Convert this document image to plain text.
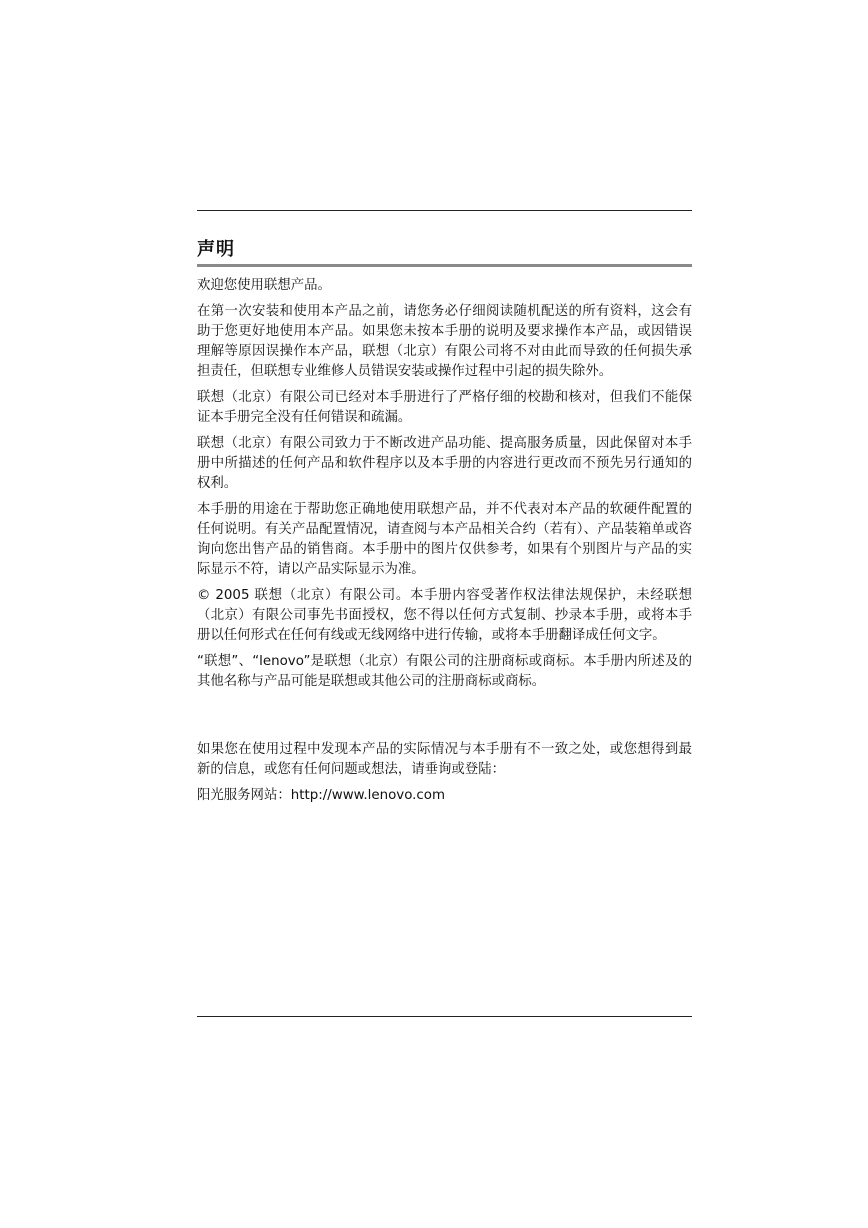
声明

欢迎您使用联想产品。

在第一次安装和使用本产品之前，请您务必仔细阅读随机配送的所有资料，这会有助于您更好地使用本产品。如果您未按本手册的说明及要求操作本产品，或因错误理解等原因误操作本产品，联想（北京）有限公司将不对由此而导致的任何损失承担责任，但联想专业维修人员错误安装或操作过程中引起的损失除外。

联想（北京）有限公司已经对本手册进行了严格仔细的校勘和核对，但我们不能保证本手册完全没有任何错误和疏漏。

联想（北京）有限公司致力于不断改进产品功能、提高服务质量，因此保留对本手册中所描述的任何产品和软件程序以及本手册的内容进行更改而不预先另行通知的权利。

本手册的用途在于帮助您正确地使用联想产品，并不代表对本产品的软硬件配置的任何说明。有关产品配置情况，请查阅与本产品相关合约（若有）、产品装箱单或咨询向您出售产品的销售商。本手册中的图片仅供参考，如果有个别图片与产品的实际显示不符，请以产品实际显示为准。

© 2005 联想（北京）有限公司。本手册内容受著作权法律法规保护，未经联想（北京）有限公司事先书面授权，您不得以任何方式复制、抄录本手册，或将本手册以任何形式在任何有线或无线网络中进行传输，或将本手册翻译成任何文字。

“联想”、“lenovo”是联想（北京）有限公司的注册商标或商标。本手册内所述及的其他名称与产品可能是联想或其他公司的注册商标或商标。

如果您在使用过程中发现本产品的实际情况与本手册有不一致之处，或您想得到最新的信息，或您有任何问题或想法，请垂询或登陆：

阳光服务网站：http://www.lenovo.com
